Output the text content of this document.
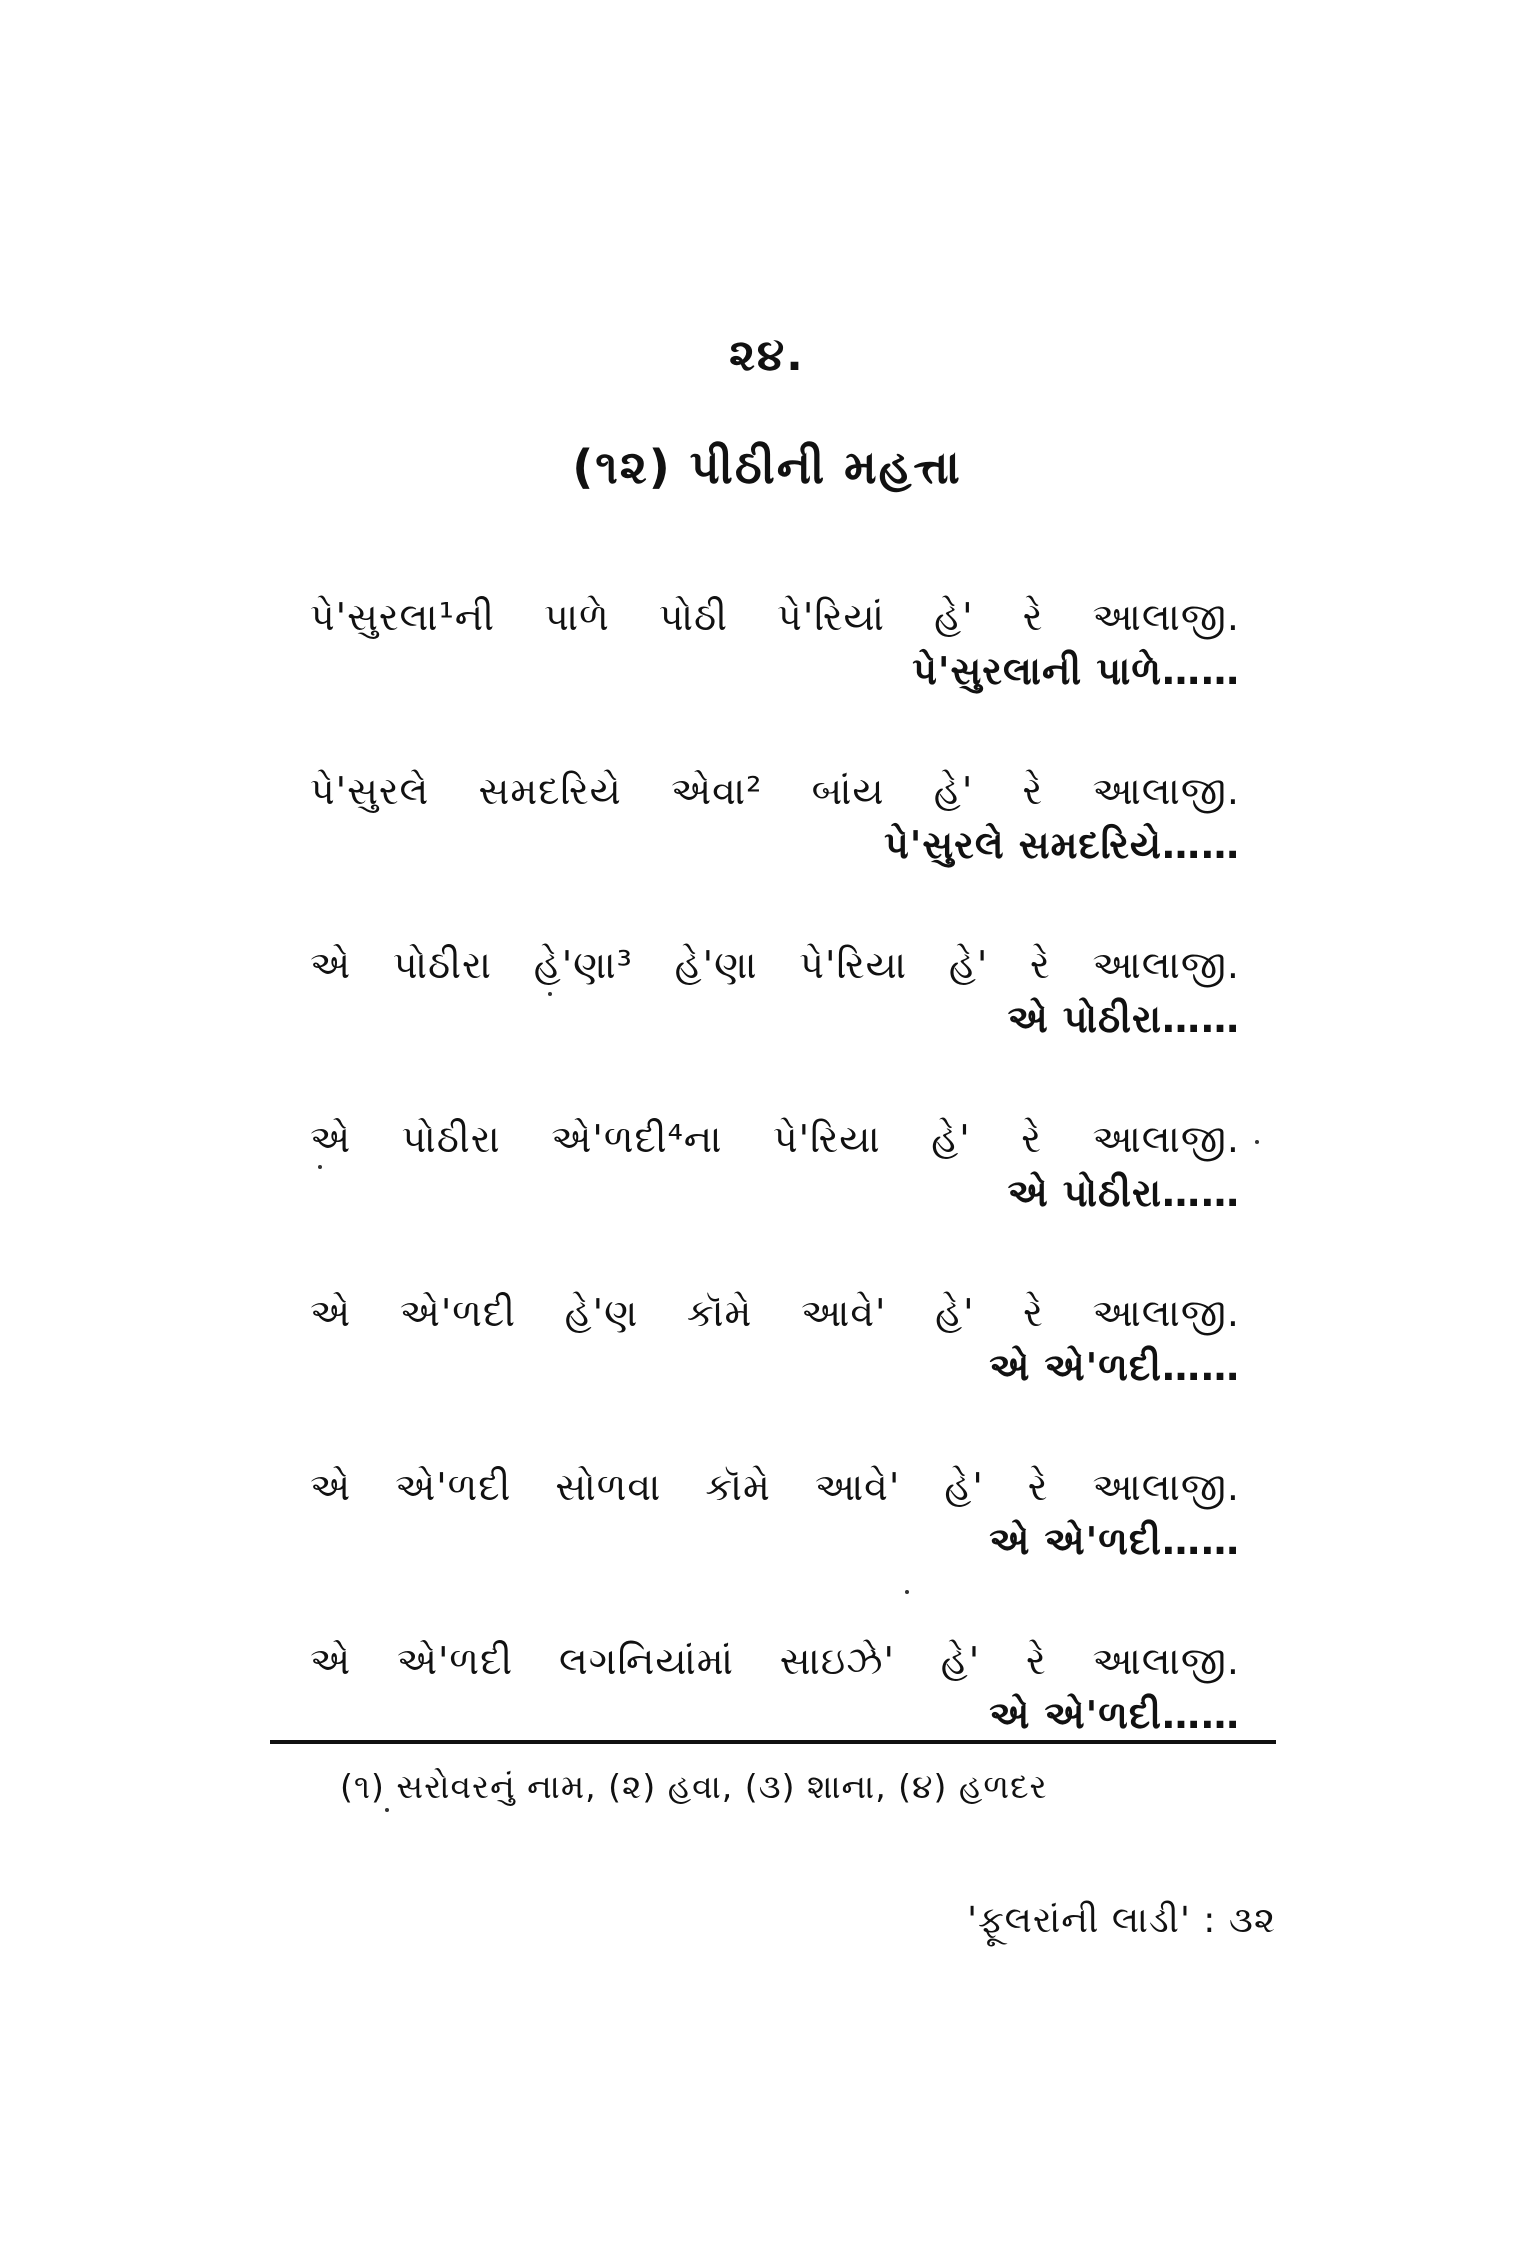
૨૪.
(૧૨) પીઠીની મહત્તા
પે'સુરલા¹ની પાળે પોઠી પે'રિયાં હે' રે આલાજી.
પે'સુરલાની પાળે……
પે'સુરલે સમદરિયે એવા² બાંય હે' રે આલાજી.
પે'સુરલે સમદરિયે……
એ પોઠીરા હે'ણા³ હે'ણા પે'રિયા હે' રે આલાજી.
એ પોઠીરા……
એ પોઠીરા એ'ળદી⁴ના પે'રિયા હે' રે આલાજી.
એ પોઠીરા……
એ એ'ળદી હે'ણ કૉમે આવે' હે' રે આલાજી.
એ એ'ળદી……
એ એ'ળદી સોળવા કૉમે આવે' હે' રે આલાજી.
એ એ'ળદી……
એ એ'ળદી લગનિયાંમાં સાઇઝે' હે' રે આલાજી.
એ એ'ળદી……
(૧) સરોવરનું નામ, (૨) હવા, (૩) શાના, (૪) હળદર
'ફૂલરાંની લાડી' : ૩૨
